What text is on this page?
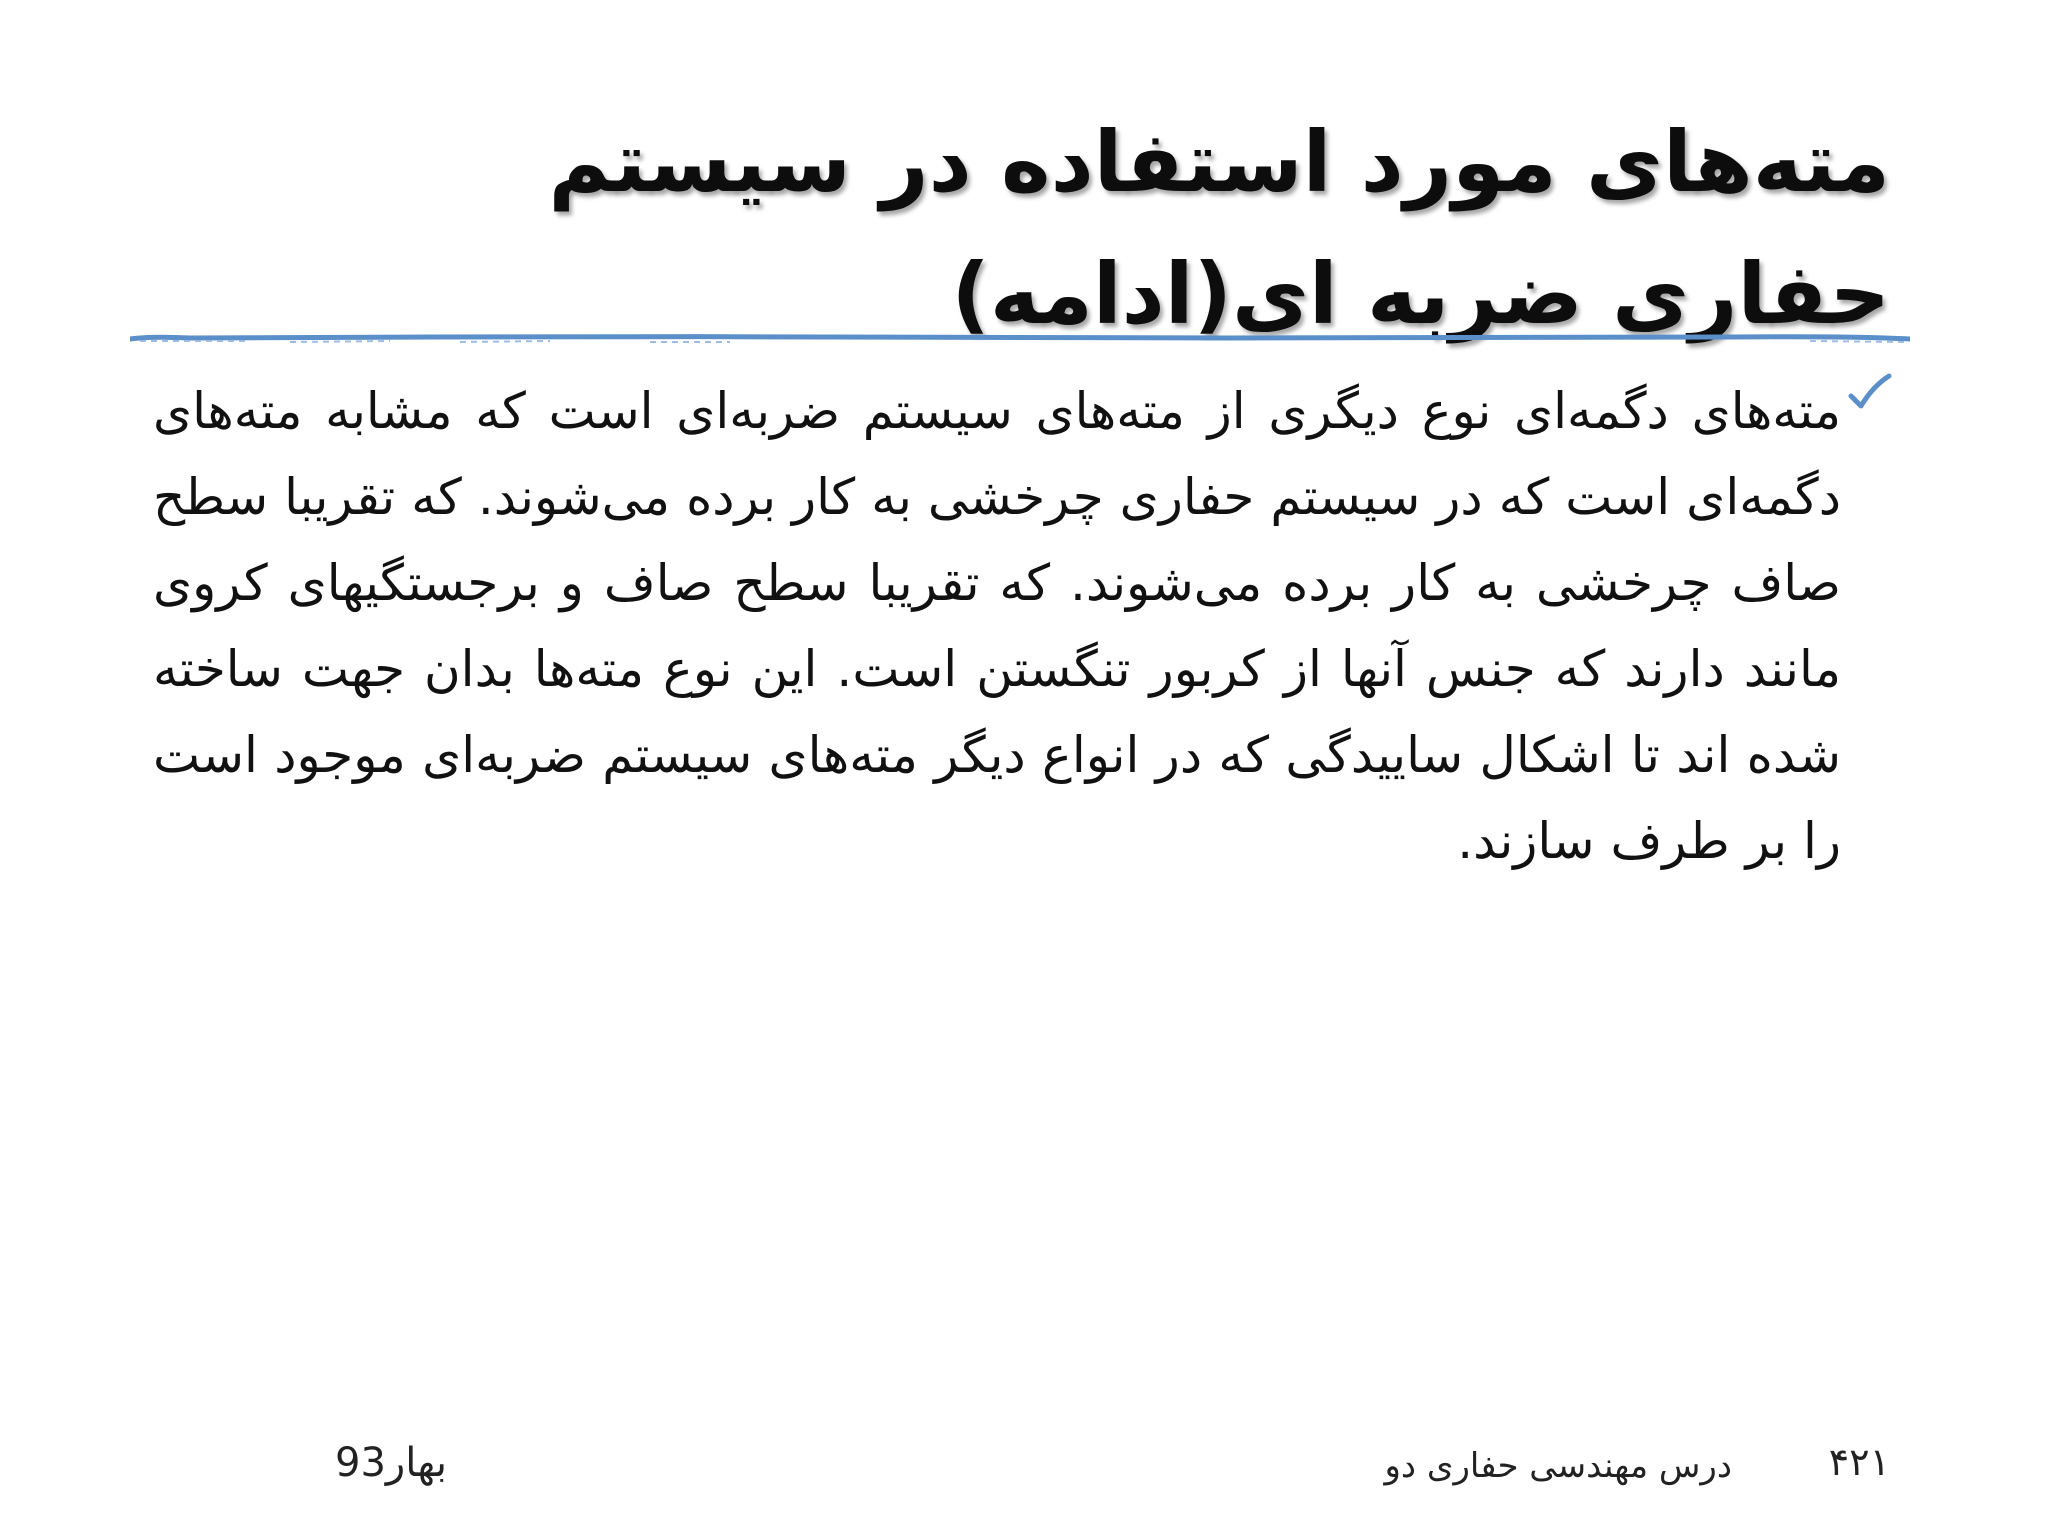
مته‌های مورد استفاده در سیستم حفاری ضربه ای(ادامه)
مته‌های دگمه‌ای نوع دیگری از مته‌های سیستم ضربه‌ای است که مشابه مته‌های دگمه‌ای است که در سیستم حفاری چرخشی به کار برده می‌شوند. که تقریبا سطح صاف چرخشی به کار برده می‌شوند. که تقریبا سطح صاف و برجستگیهای کروی مانند دارند که جنس آنها از کربور تنگستن است. این نوع مته‌ها بدان جهت ساخته شده اند تا اشکال ساییدگی که در انواع دیگر مته‌های سیستم ضربه‌ای موجود است را بر طرف سازند.
بهار93	درس مهندسی حفاری دو	۴۲۱
